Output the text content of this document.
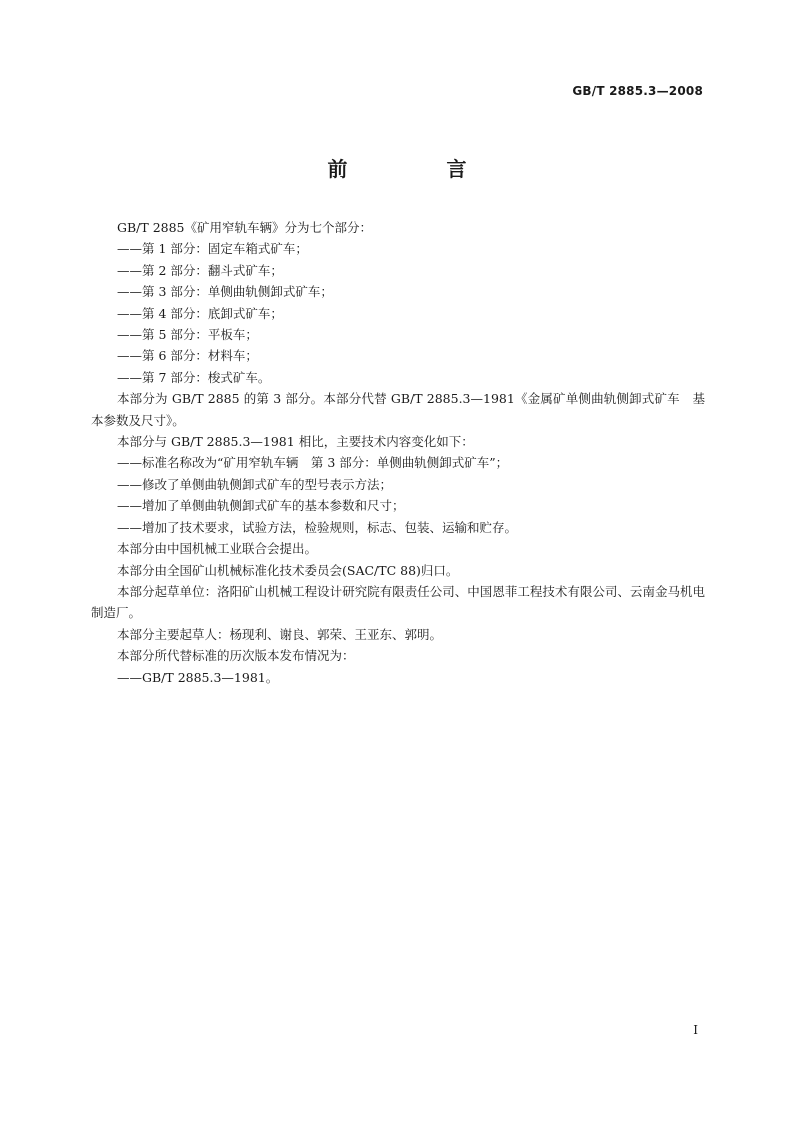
GB/T 2885.3—2008
前 言

GB/T 2885《矿用窄轨车辆》分为七个部分：

——第 1 部分：固定车箱式矿车；

——第 2 部分：翻斗式矿车；

——第 3 部分：单侧曲轨侧卸式矿车；

——第 4 部分：底卸式矿车；

——第 5 部分：平板车；

——第 6 部分：材料车；

——第 7 部分：梭式矿车。

本部分为 GB/T 2885 的第 3 部分。本部分代替 GB/T 2885.3—1981《金属矿单侧曲轨侧卸式矿车　基本参数及尺寸》。

本部分与 GB/T 2885.3—1981 相比，主要技术内容变化如下：

——标准名称改为“矿用窄轨车辆　第 3 部分：单侧曲轨侧卸式矿车”；

——修改了单侧曲轨侧卸式矿车的型号表示方法；

——增加了单侧曲轨侧卸式矿车的基本参数和尺寸；

——增加了技术要求，试验方法，检验规则，标志、包装、运输和贮存。

本部分由中国机械工业联合会提出。

本部分由全国矿山机械标准化技术委员会(SAC/TC 88)归口。

本部分起草单位：洛阳矿山机械工程设计研究院有限责任公司、中国恩菲工程技术有限公司、云南金马机电制造厂。

本部分主要起草人：杨现利、谢良、郭荣、王亚东、郭明。

本部分所代替标准的历次版本发布情况为：

——GB/T 2885.3—1981。

I
